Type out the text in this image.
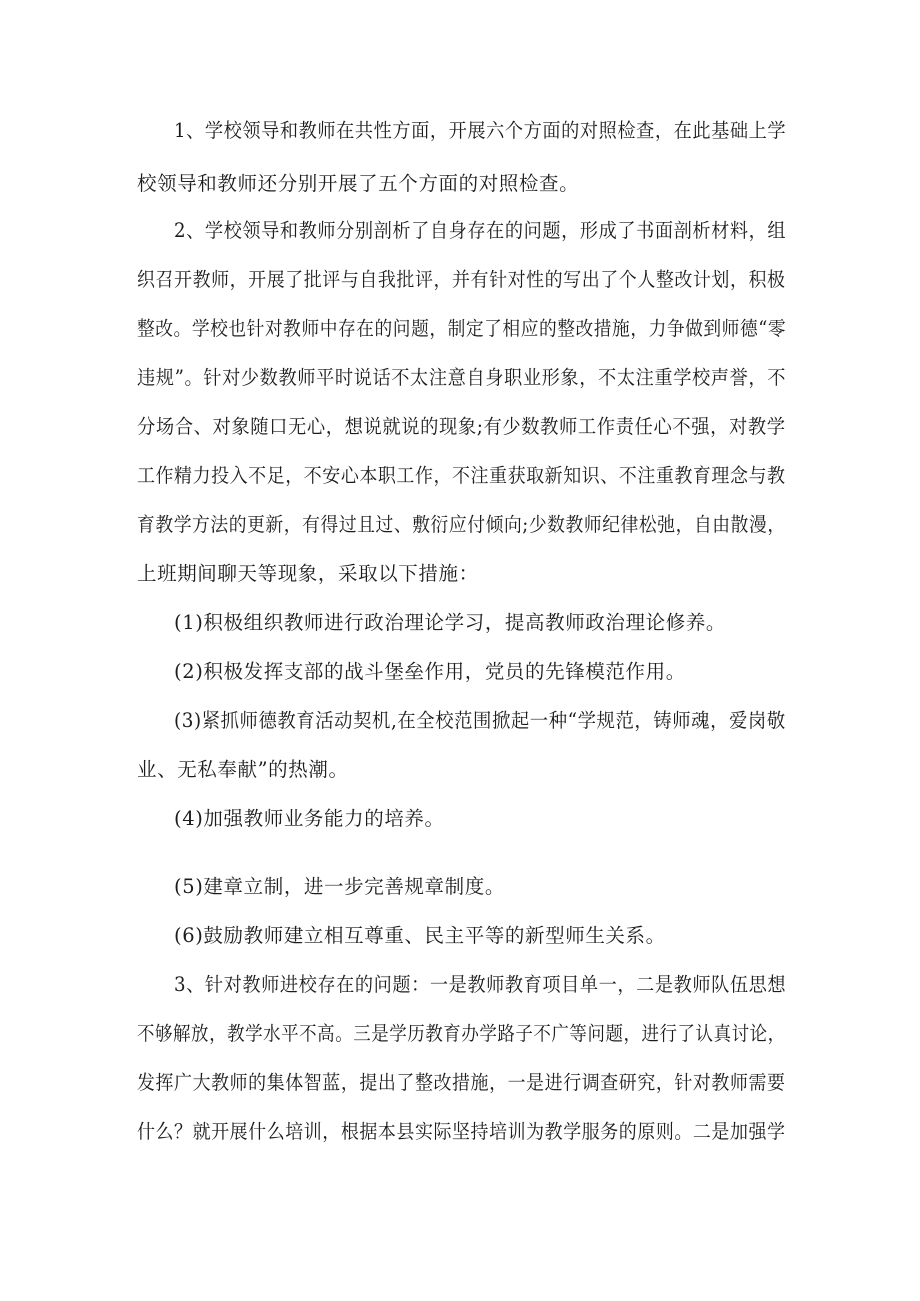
1、学校领导和教师在共性方面，开展六个方面的对照检查，在此基础上学

校领导和教师还分别开展了五个方面的对照检查。

2、学校领导和教师分别剖析了自身存在的问题，形成了书面剖析材料，组

织召开教师，开展了批评与自我批评，并有针对性的写出了个人整改计划，积极

整改。学校也针对教师中存在的问题，制定了相应的整改措施，力争做到师德“零

违规”。针对少数教师平时说话不太注意自身职业形象，不太注重学校声誉，不

分场合、对象随口无心，想说就说的现象;有少数教师工作责任心不强，对教学

工作精力投入不足，不安心本职工作，不注重获取新知识、不注重教育理念与教

育教学方法的更新，有得过且过、敷衍应付倾向;少数教师纪律松弛，自由散漫，

上班期间聊天等现象，采取以下措施：

(1)积极组织教师进行政治理论学习，提高教师政治理论修养。

(2)积极发挥支部的战斗堡垒作用，党员的先锋模范作用。

(3)紧抓师德教育活动契机,在全校范围掀起一种“学规范，铸师魂，爱岗敬

业、无私奉献”的热潮。

(4)加强教师业务能力的培养。

(5)建章立制，进一步完善规章制度。

(6)鼓励教师建立相互尊重、民主平等的新型师生关系。

3、针对教师进校存在的问题：一是教师教育项目单一，二是教师队伍思想

不够解放，教学水平不高。三是学历教育办学路子不广等问题，进行了认真讨论，

发挥广大教师的集体智蓝，提出了整改措施，一是进行调查研究，针对教师需要

什么？就开展什么培训，根据本县实际坚持培训为教学服务的原则。二是加强学
